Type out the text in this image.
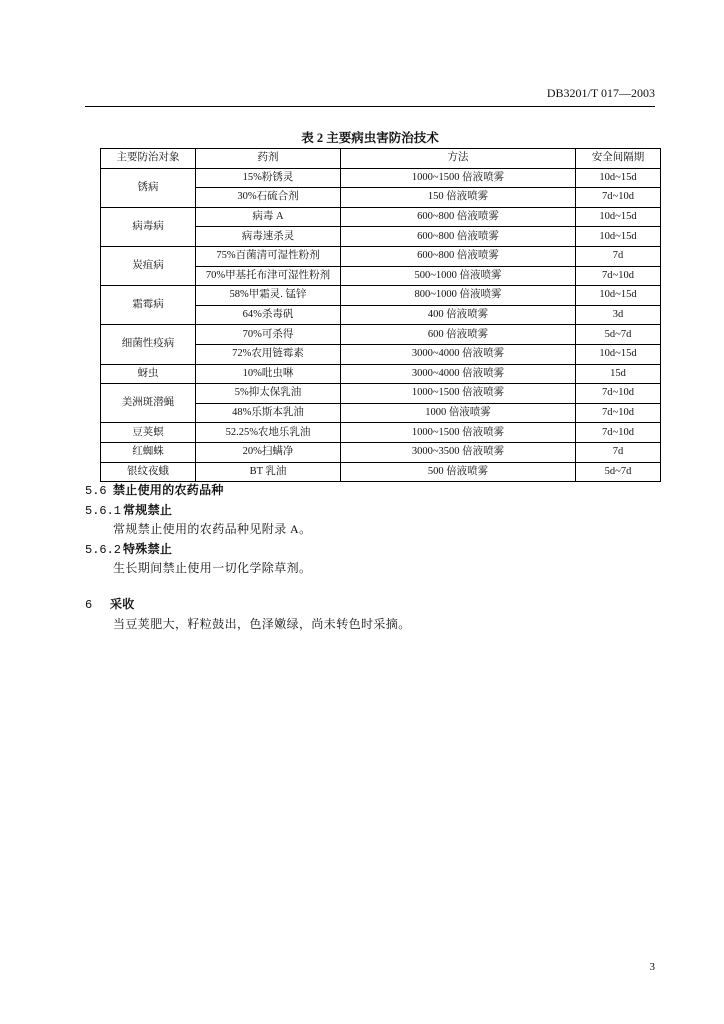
DB3201/T 017—2003
表 2 主要病虫害防治技术
主要防治对象	药剂	方法	安全间隔期
锈病	15%粉锈灵	1000~1500 倍液喷雾	10d~15d
	30%石硫合剂	150 倍液喷雾	7d~10d
病毒病	病毒 A	600~800 倍液喷雾	10d~15d
	病毒速杀灵	600~800 倍液喷雾	10d~15d
炭疽病	75%百菌清可湿性粉剂	600~800 倍液喷雾	7d
	70%甲基托布津可湿性粉剂	500~1000 倍液喷雾	7d~10d
霜霉病	58%甲霜灵. 锰锌	800~1000 倍液喷雾	10d~15d
	64%杀毒矾	400 倍液喷雾	3d
细菌性疫病	70%可杀得	600 倍液喷雾	5d~7d
	72%农用链霉素	3000~4000 倍液喷雾	10d~15d
蚜虫	10%吡虫啉	3000~4000 倍液喷雾	15d
美洲斑潜蝇	5%抑太保乳油	1000~1500 倍液喷雾	7d~10d
	48%乐斯本乳油	1000 倍液喷雾	7d~10d
豆荚螟	52.25%农地乐乳油	1000~1500 倍液喷雾	7d~10d
红蜘蛛	20%扫螨净	3000~3500 倍液喷雾	7d
银纹夜蛾	BT 乳油	500 倍液喷雾	5d~7d
5.6 禁止使用的农药品种
5.6.1 常规禁止
常规禁止使用的农药品种见附录 A。
5.6.2 特殊禁止
生长期间禁止使用一切化学除草剂。
6 采收
当豆荚肥大，籽粒鼓出，色泽嫩绿，尚未转色时采摘。
3
